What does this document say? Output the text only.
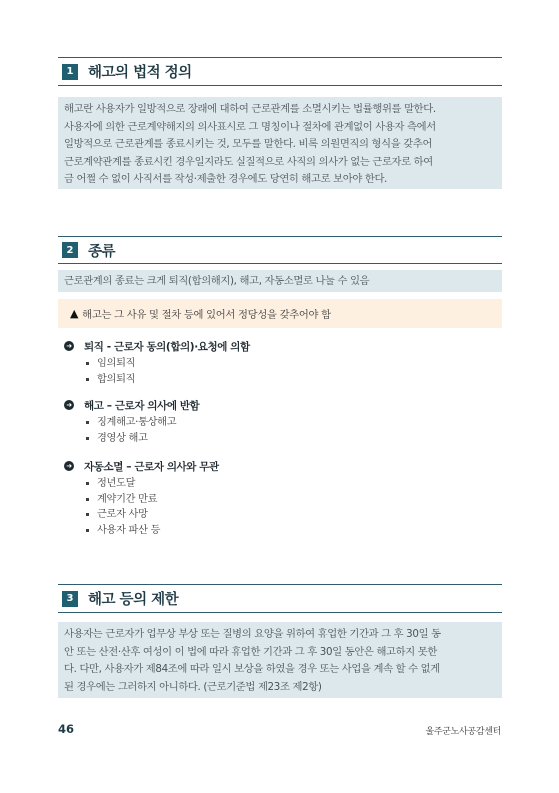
1	해고의 법적 정의
해고란 사용자가 일방적으로 장래에 대하여 근로관계를 소멸시키는 법률행위를 말한다.
사용자에 의한 근로계약해지의 의사표시로 그 명칭이나 절차에 관계없이 사용자 측에서
일방적으로 근로관계를 종료시키는 것, 모두를 말한다. 비록 의원면직의 형식을 갖추어
근로계약관계를 종료시킨 경우일지라도 실질적으로 사직의 의사가 없는 근로자로 하여
금 어쩔 수 없이 사직서를 작성·제출한 경우에도 당연히 해고로 보아야 한다.
2	종류
근로관계의 종료는 크게 퇴직(합의해지), 해고, 자동소멸로 나눌 수 있음
▲ 해고는 그 사유 및 절차 등에 있어서 정당성을 갖추어야 함
➜ 퇴직 - 근로자 동의(합의)·요청에 의함
임의퇴직
합의퇴직
➜ 해고 – 근로자 의사에 반함
징계해고·통상해고
경영상 해고
➜ 자동소멸 – 근로자 의사와 무관
정년도달
계약기간 만료
근로자 사망
사용자 파산 등
3	해고 등의 제한
사용자는 근로자가 업무상 부상 또는 질병의 요양을 위하여 휴업한 기간과 그 후 30일 동
안 또는 산전·산후 여성이 이 법에 따라 휴업한 기간과 그 후 30일 동안은 해고하지 못한
다. 다만, 사용자가 제84조에 따라 일시 보상을 하였을 경우 또는 사업을 계속 할 수 없게
된 경우에는 그러하지 아니하다. (근로기준법 제23조 제2항)
46	울주군노사공감센터
